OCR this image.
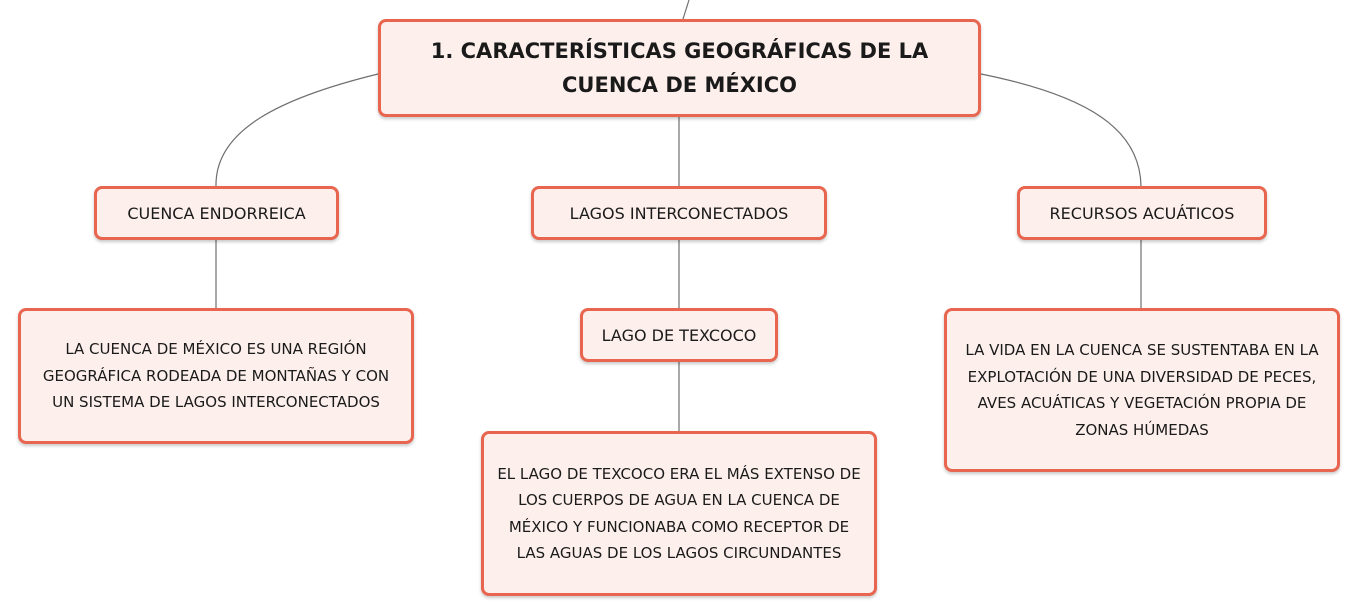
1. CARACTERÍSTICAS GEOGRÁFICAS DE LA CUENCA DE MÉXICO
CUENCA ENDORREICA	LAGOS INTERCONECTADOS	RECURSOS ACUÁTICOS
LAGO DE TEXCOCO
LA CUENCA DE MÉXICO ES UNA REGIÓN GEOGRÁFICA RODEADA DE MONTAÑAS Y CON UN SISTEMA DE LAGOS INTERCONECTADOS
EL LAGO DE TEXCOCO ERA EL MÁS EXTENSO DE LOS CUERPOS DE AGUA EN LA CUENCA DE MÉXICO Y FUNCIONABA COMO RECEPTOR DE LAS AGUAS DE LOS LAGOS CIRCUNDANTES
LA VIDA EN LA CUENCA SE SUSTENTABA EN LA EXPLOTACIÓN DE UNA DIVERSIDAD DE PECES, AVES ACUÁTICAS Y VEGETACIÓN PROPIA DE ZONAS HÚMEDAS
